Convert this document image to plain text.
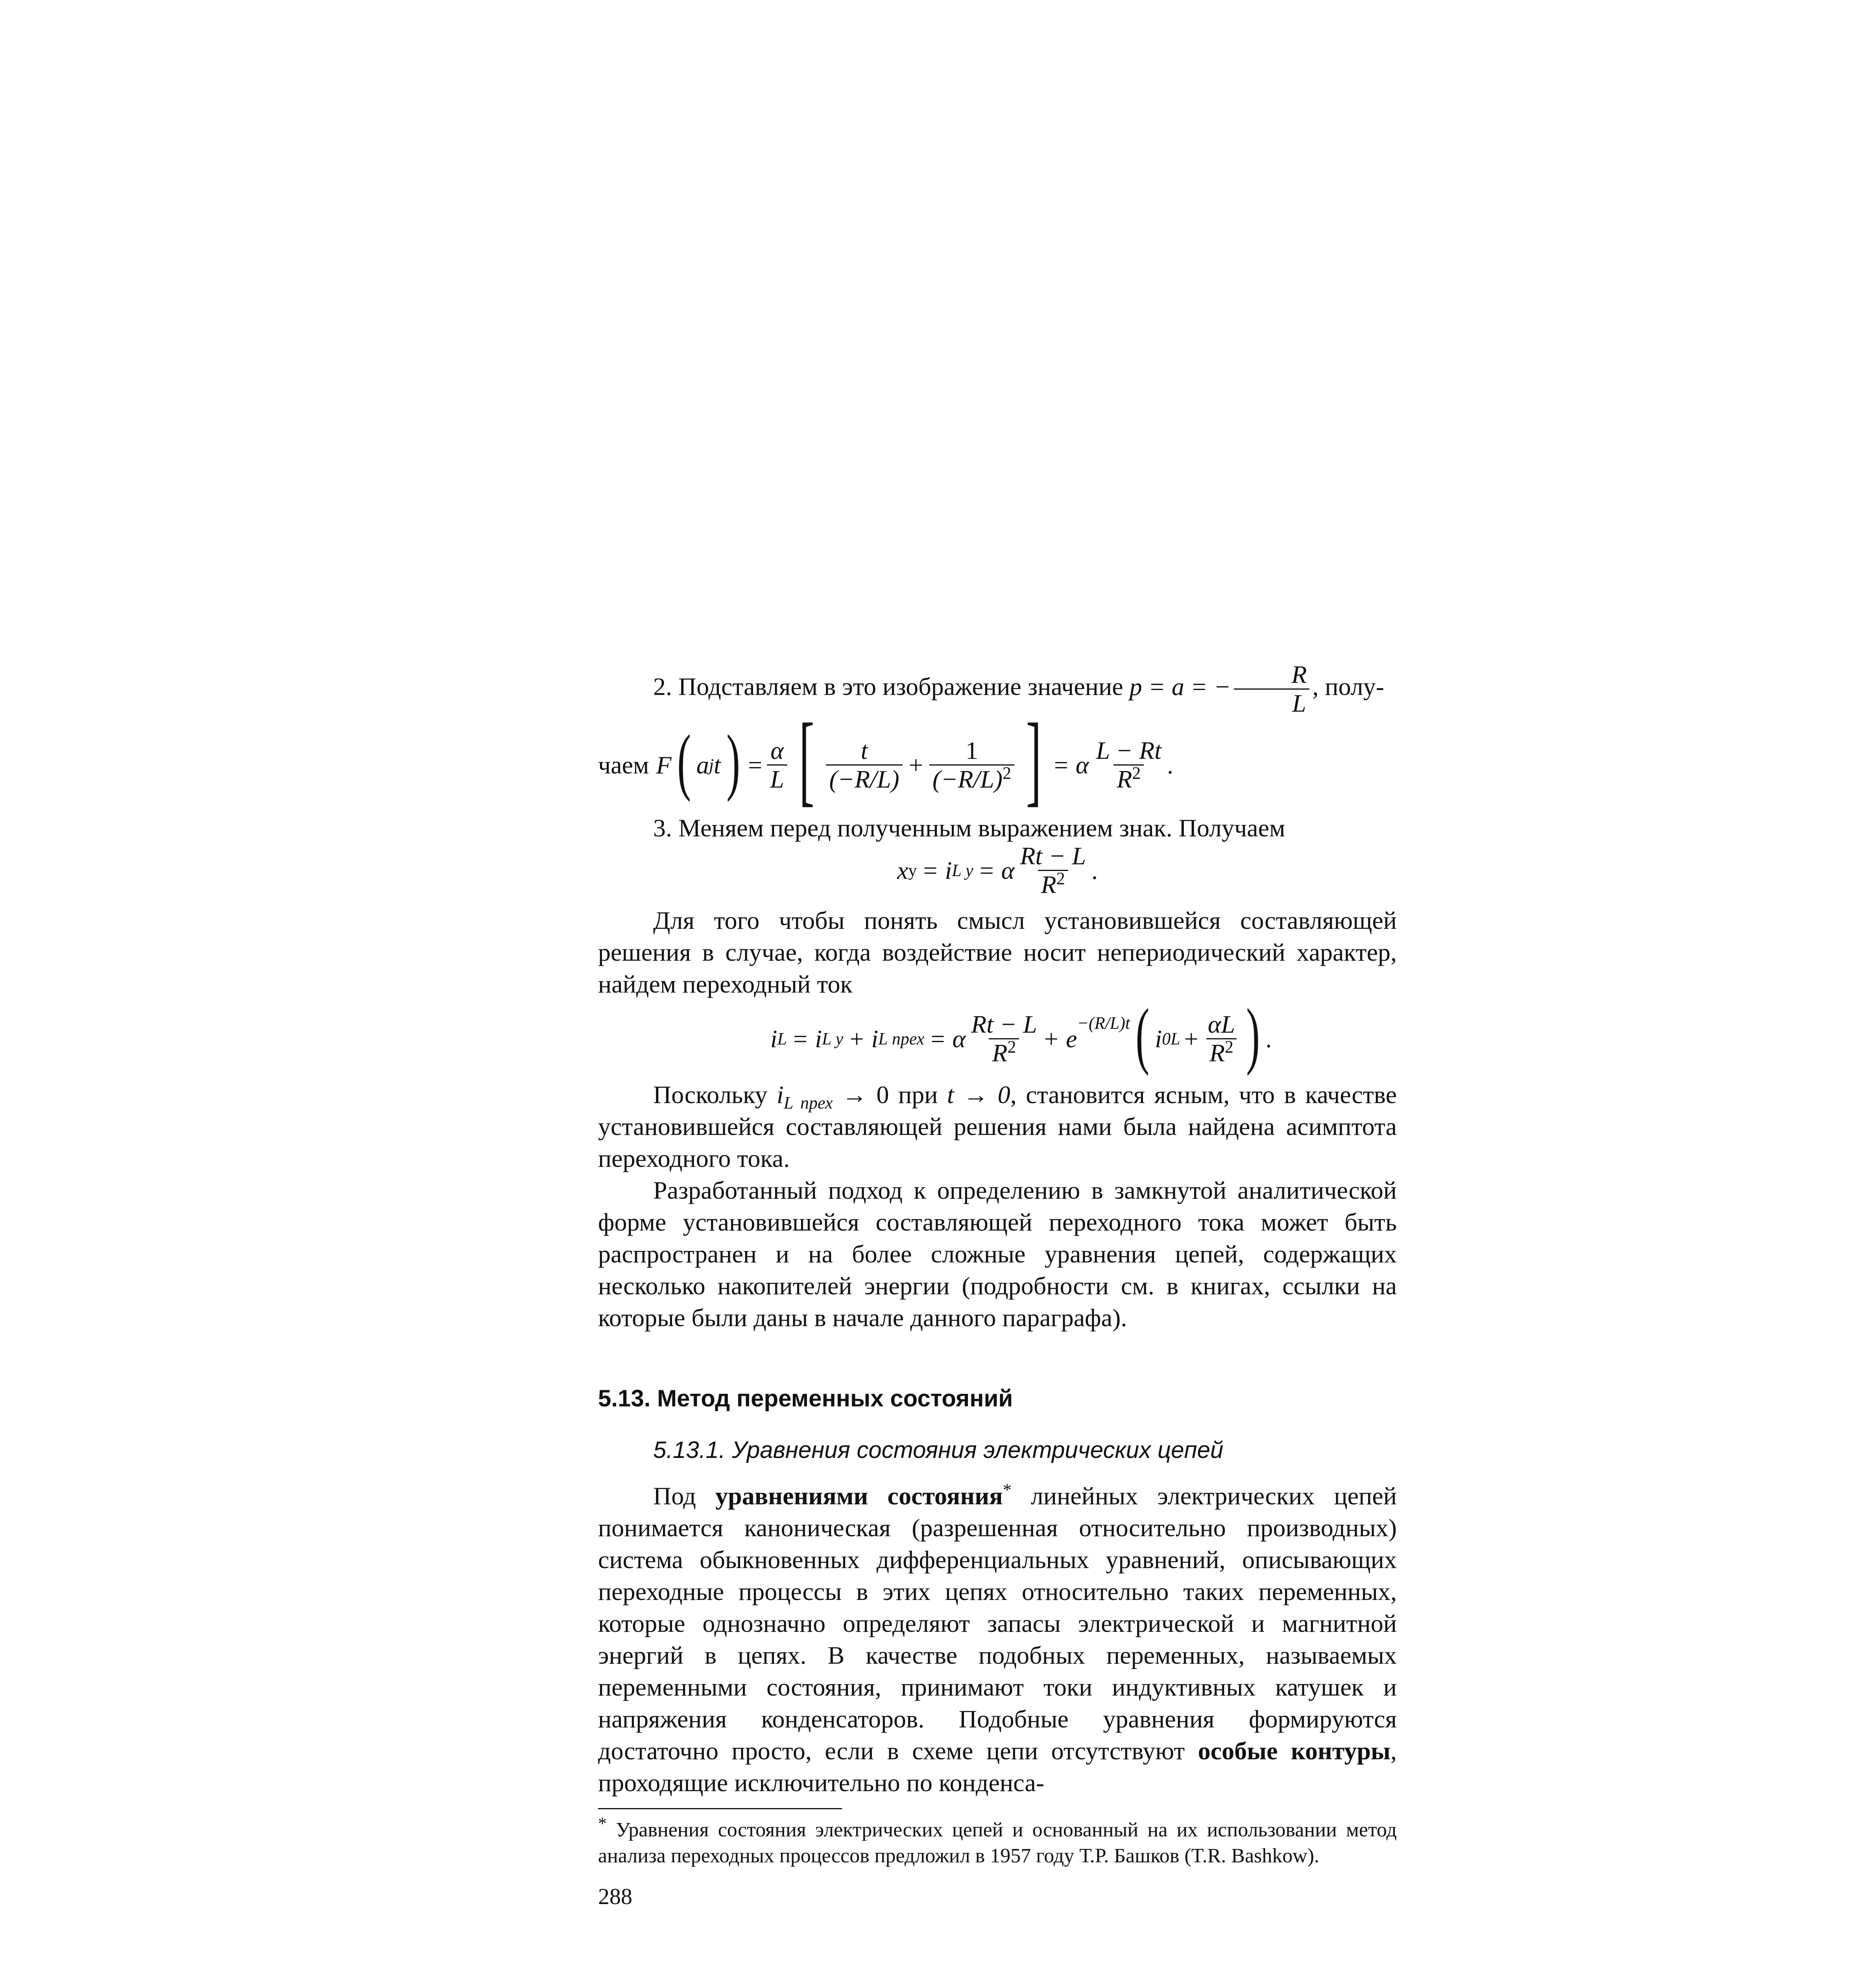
2. Подставляем в это изображение значение p = a = − $\frac{R}{L}$ , полу-

чаем F ( a j t ) = $\frac{\alpha}{L}$ [ $\frac{t}{(-R/L)} + \frac{1}{(-R/L)^2}$ ] = α $\frac{L - Rt}{R^2}$ .

3. Меняем перед полученным выражением знак. Получаем

x у = i L у = α $\frac{Rt - L}{R^2}$ .

Для того чтобы понять смысл установившейся составляющей решения в случае, когда воздействие носит непериодический характер, найдем переходный ток

i L = i L у + i L прех = α $\frac{Rt - L}{R^2} + e$
$^{-(R/L)t}$ ( i $0L + \frac{\alpha L}{R^2}$ ) .

Поскольку $i_{L прех} \to 0$ при t → 0, становится ясным, что в качестве установившейся составляющей решения нами была найдена асимптота переходного тока.

Разработанный подход к определению в замкнутой аналитической форме установившейся составляющей переходного тока может быть распространен и на более сложные уравнения цепей, содержащих несколько накопителей энергии (подробности см. в книгах, ссылки на которые были даны в начале данного параграфа).

5.13. Метод переменных состояний

5.13.1. Уравнения состояния электрических цепей

Под уравнениями состояния* линейных электрических цепей понимается каноническая (разрешенная относительно производных) система обыкновенных дифференциальных уравнений, описывающих переходные процессы в этих цепях относительно таких переменных, которые однозначно определяют запасы электрической и магнитной энергий в цепях. В качестве подобных переменных, называемых переменными состояния, принимают токи индуктивных катушек и напряжения конденсаторов. Подобные уравнения формируются достаточно просто, если в схеме цепи отсутствуют особые контуры, проходящие исключительно по конденса-

* Уравнения состояния электрических цепей и основанный на их использовании метод анализа переходных процессов предложил в 1957 году Т.Р. Башков (T.R. Bashkow).

288
